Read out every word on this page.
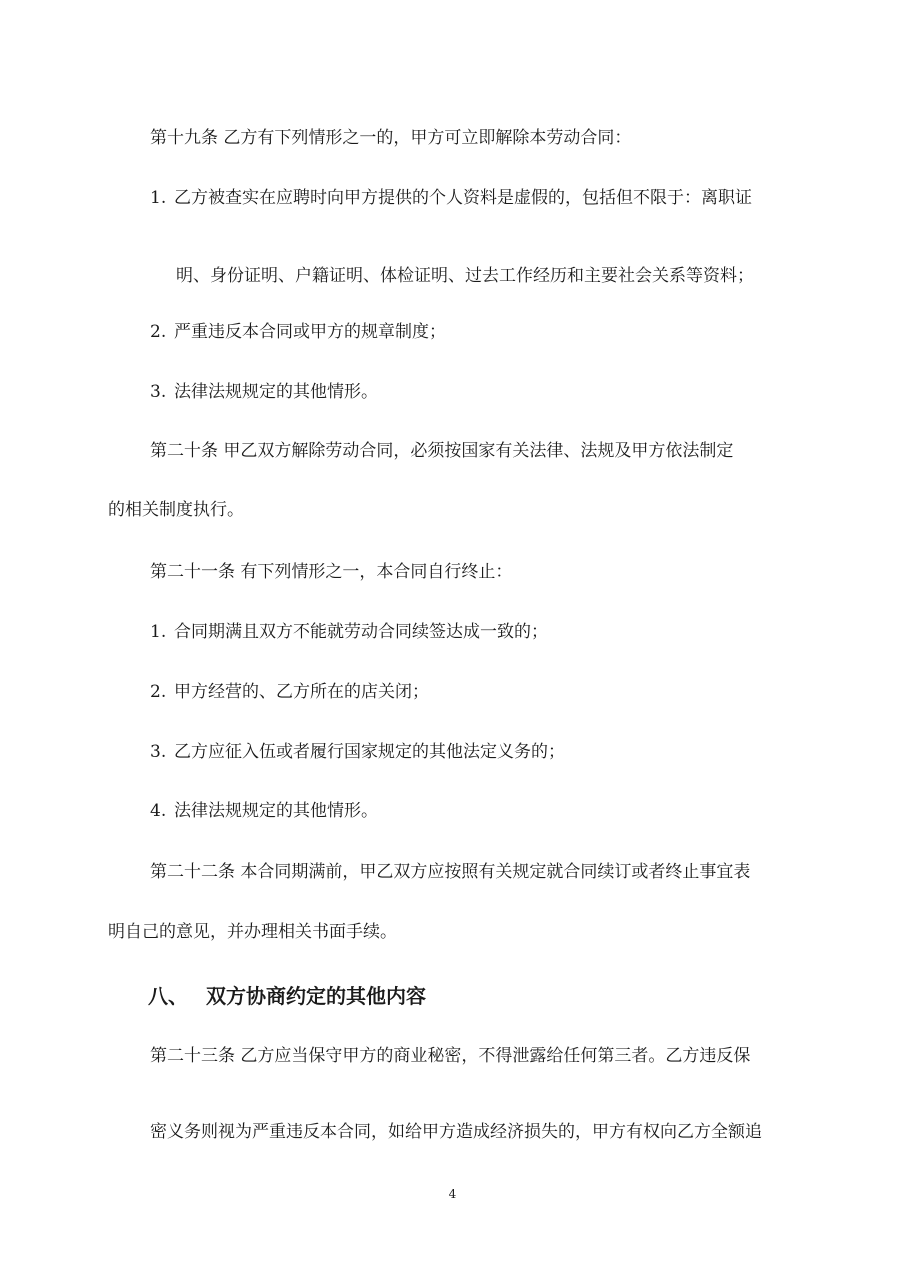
第十九条 乙方有下列情形之一的，甲方可立即解除本劳动合同：
1. 乙方被查实在应聘时向甲方提供的个人资料是虚假的，包括但不限于：离职证
明、身份证明、户籍证明、体检证明、过去工作经历和主要社会关系等资料；
2. 严重违反本合同或甲方的规章制度；
3. 法律法规规定的其他情形。
第二十条 甲乙双方解除劳动合同，必须按国家有关法律、法规及甲方依法制定
的相关制度执行。
第二十一条 有下列情形之一，本合同自行终止：
1. 合同期满且双方不能就劳动合同续签达成一致的；
2. 甲方经营的、乙方所在的店关闭；
3. 乙方应征入伍或者履行国家规定的其他法定义务的；
4. 法律法规规定的其他情形。
第二十二条 本合同期满前，甲乙双方应按照有关规定就合同续订或者终止事宜表
明自己的意见，并办理相关书面手续。
八、 双方协商约定的其他内容
第二十三条 乙方应当保守甲方的商业秘密，不得泄露给任何第三者。乙方违反保
密义务则视为严重违反本合同，如给甲方造成经济损失的，甲方有权向乙方全额追
4
